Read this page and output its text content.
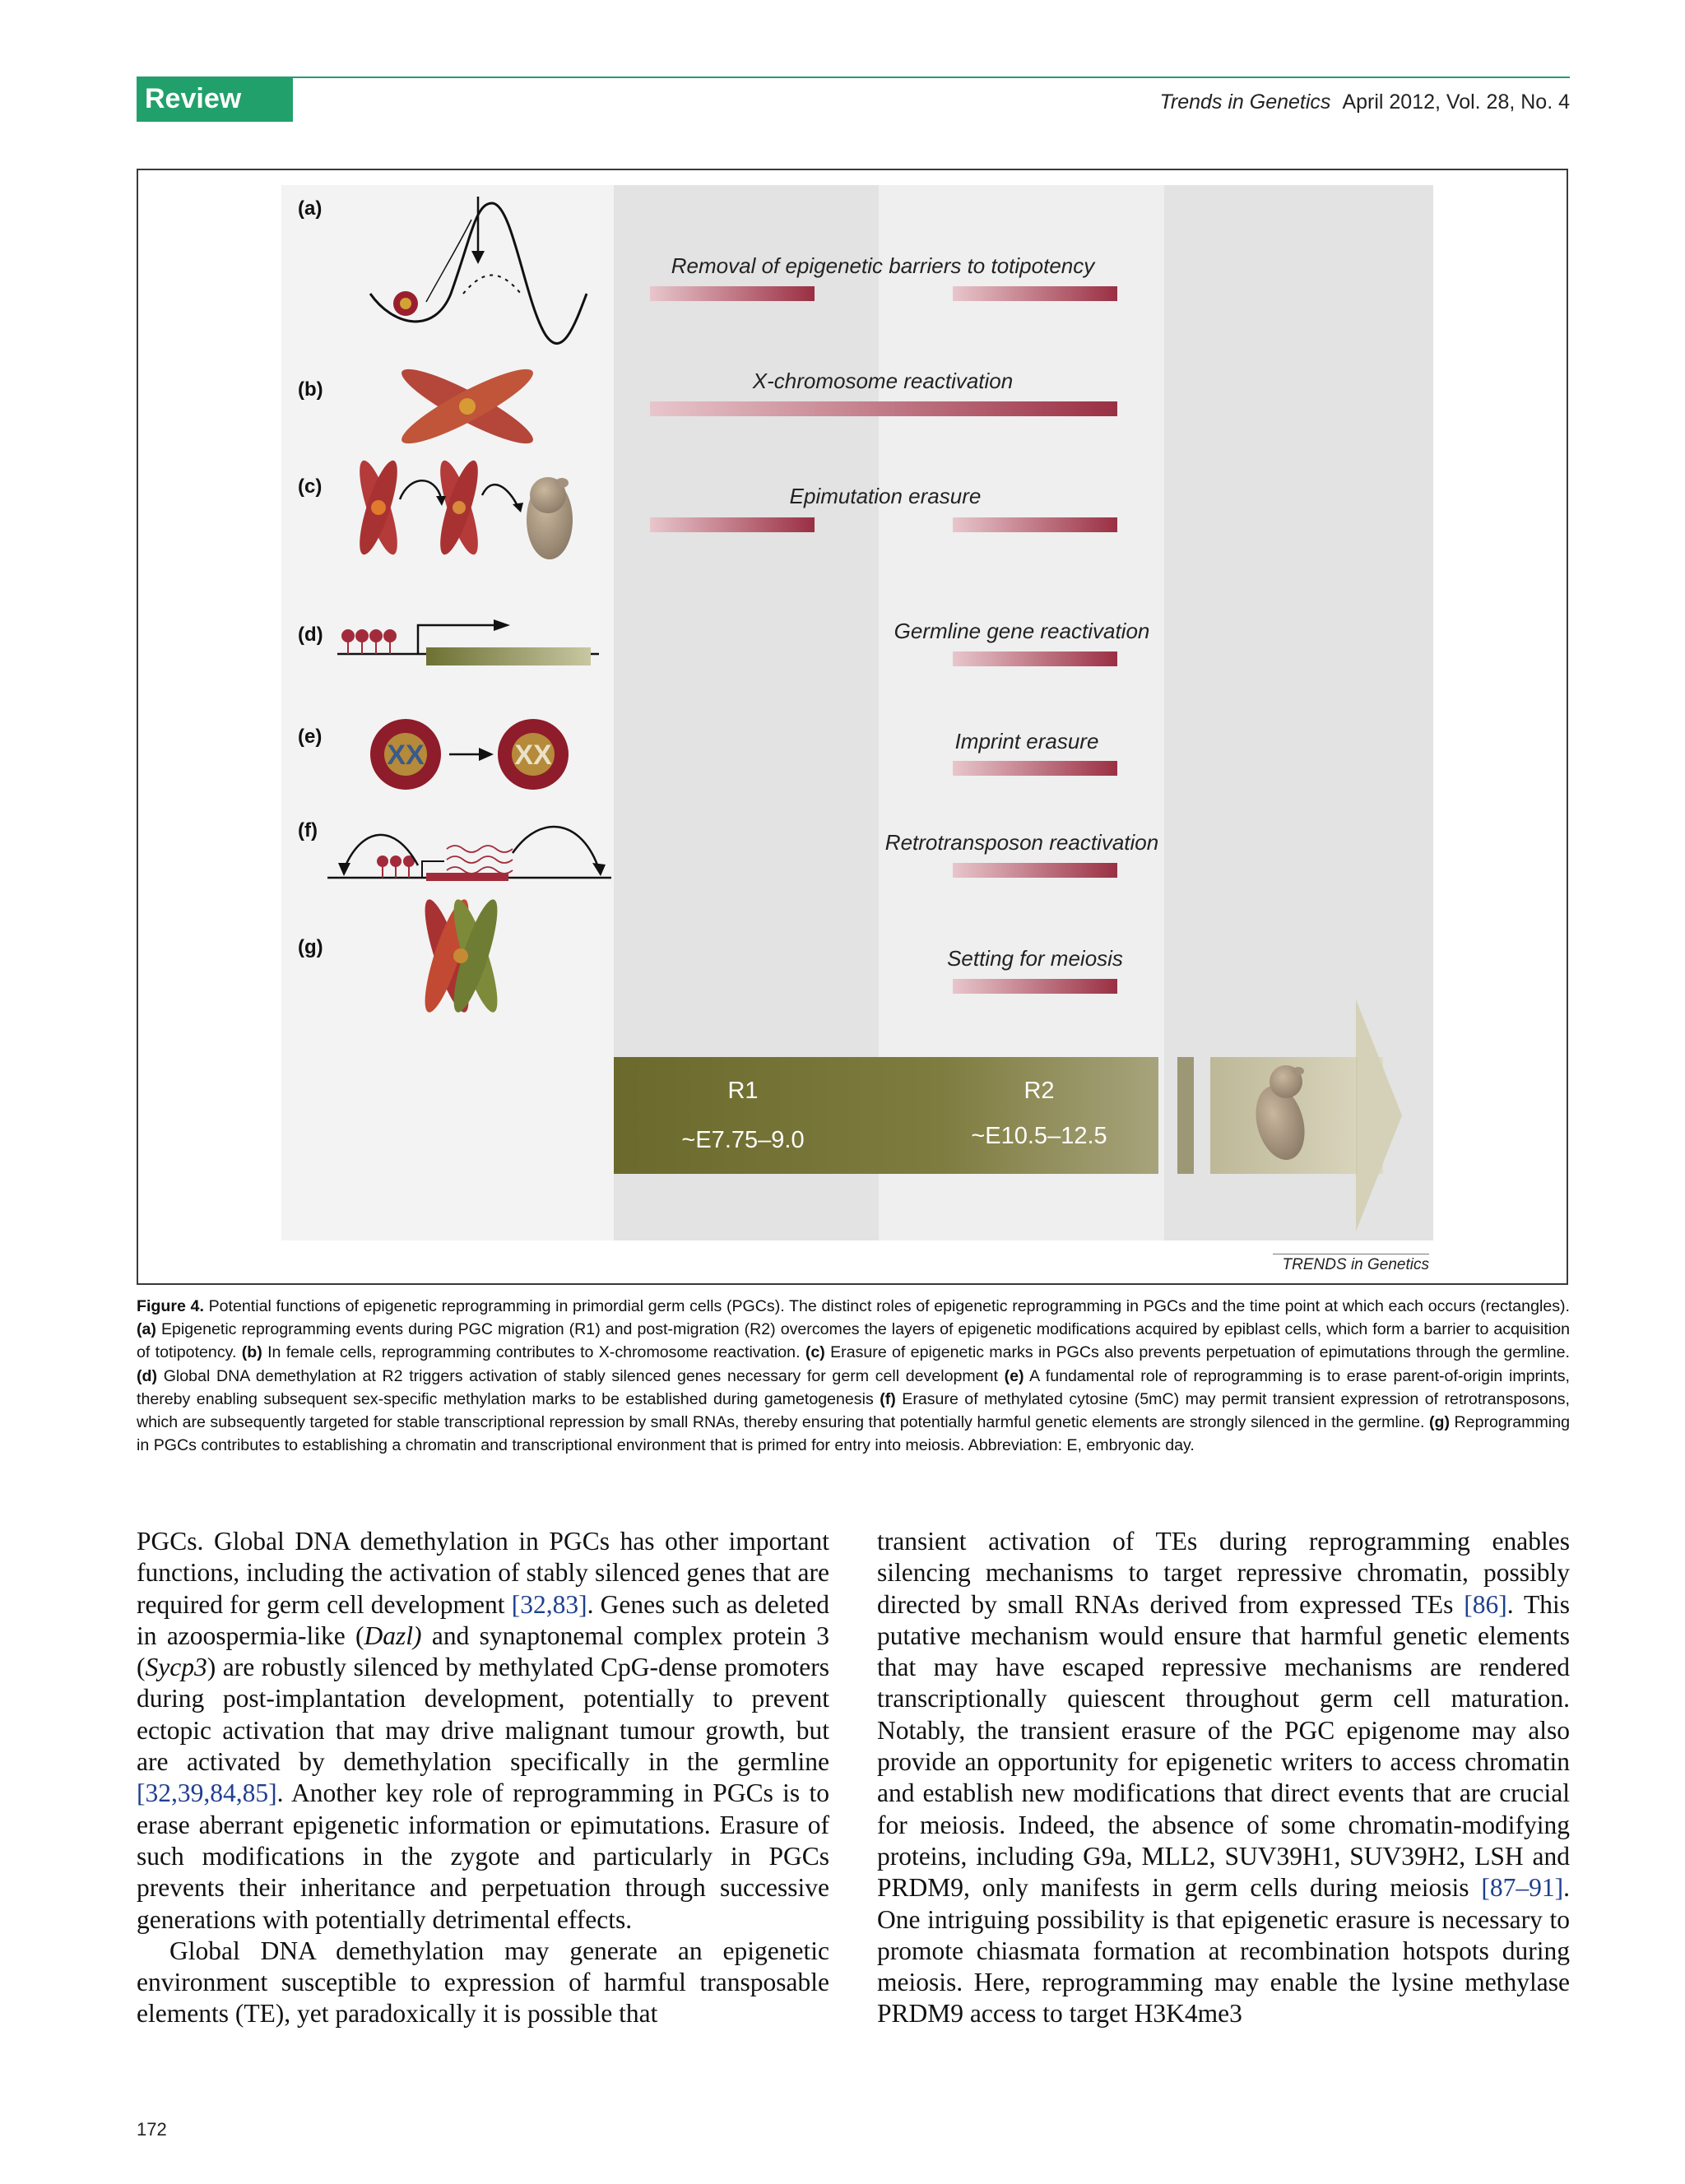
Review	Trends in Genetics April 2012, Vol. 28, No. 4
(a)
(b)
(c)
(d)
(e)
(f)
(g)
XX	XX
Removal of epigenetic barriers to totipotency
X-chromosome reactivation
Epimutation erasure
Germline gene reactivation
Imprint erasure
Retrotransposon reactivation
Setting for meiosis
R1
~E7.75–9.0
R2
~E10.5–12.5
TRENDS in Genetics
Figure 4. Potential functions of epigenetic reprogramming in primordial germ cells (PGCs). The distinct roles of epigenetic reprogramming in PGCs and the time point at which each occurs (rectangles). (a) Epigenetic reprogramming events during PGC migration (R1) and post-migration (R2) overcomes the layers of epigenetic modifications acquired by epiblast cells, which form a barrier to acquisition of totipotency. (b) In female cells, reprogramming contributes to X-chromosome reactivation. (c) Erasure of epigenetic marks in PGCs also prevents perpetuation of epimutations through the germline. (d) Global DNA demethylation at R2 triggers activation of stably silenced genes necessary for germ cell development (e) A fundamental role of reprogramming is to erase parent-of-origin imprints, thereby enabling subsequent sex-specific methylation marks to be established during gametogenesis (f) Erasure of methylated cytosine (5mC) may permit transient expression of retrotransposons, which are subsequently targeted for stable transcriptional repression by small RNAs, thereby ensuring that potentially harmful genetic elements are strongly silenced in the germline. (g) Reprogramming in PGCs contributes to establishing a chromatin and transcriptional environment that is primed for entry into meiosis. Abbreviation: E, embryonic day.

PGCs. Global DNA demethylation in PGCs has other important functions, including the activation of stably silenced genes that are required for germ cell development [32,83]. Genes such as deleted in azoospermia-like (Dazl) and synaptonemal complex protein 3 (Sycp3) are robustly silenced by methylated CpG-dense promoters during post-implantation development, potentially to prevent ectopic activation that may drive malignant tumour growth, but are activated by demethylation specifically in the germline [32,39,84,85]. Another key role of reprogramming in PGCs is to erase aberrant epigenetic information or epimutations. Erasure of such modifications in the zygote and particularly in PGCs prevents their inheritance and perpetuation through successive generations with potentially detrimental effects.

Global DNA demethylation may generate an epigenetic environment susceptible to expression of harmful transposable elements (TE), yet paradoxically it is possible that

transient activation of TEs during reprogramming enables silencing mechanisms to target repressive chromatin, possibly directed by small RNAs derived from expressed TEs [86]. This putative mechanism would ensure that harmful genetic elements that may have escaped repressive mechanisms are rendered transcriptionally quiescent throughout germ cell maturation. Notably, the transient erasure of the PGC epigenome may also provide an opportunity for epigenetic writers to access chromatin and establish new modifications that direct events that are crucial for meiosis. Indeed, the absence of some chromatin-modifying proteins, including G9a, MLL2, SUV39H1, SUV39H2, LSH and PRDM9, only manifests in germ cells during meiosis [87–91]. One intriguing possibility is that epigenetic erasure is necessary to promote chiasmata formation at recombination hotspots during meiosis. Here, reprogramming may enable the lysine methylase PRDM9 access to target H3K4me3

172
